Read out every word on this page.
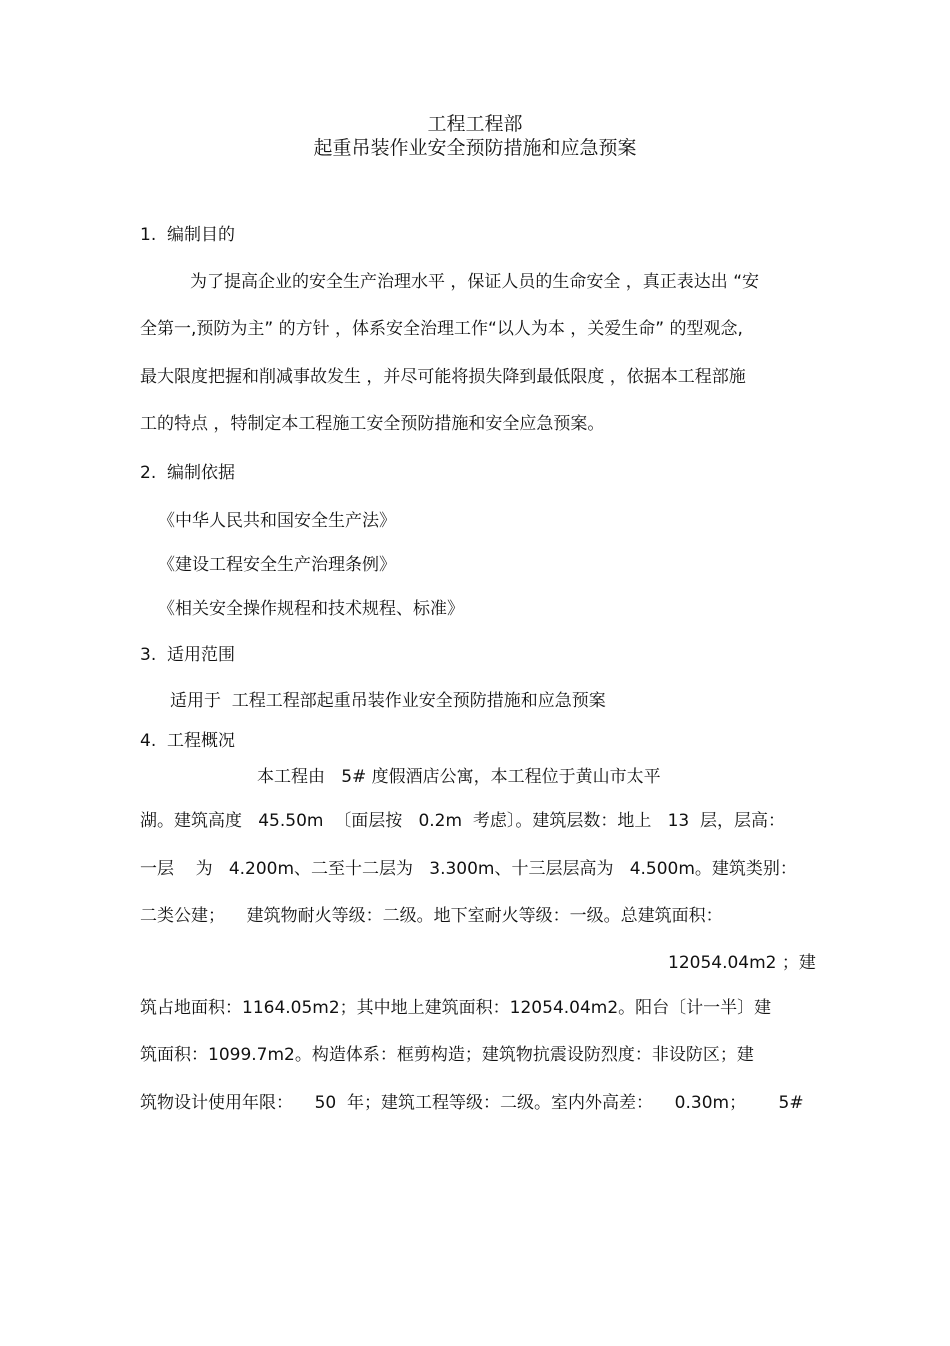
工程工程部
起重吊装作业安全预防措施和应急预案
1.  编制目的
为了提高企业的安全生产治理水平 ，保证人员的生命安全 ，真正表达出 “安
全第一,预防为主” 的方针 ，体系安全治理工作“以人为本 ，关爱生命” 的型观念,
最大限度把握和削减事故发生 ，并尽可能将损失降到最低限度 ，依据本工程部施
工的特点 ，特制定本工程施工安全预防措施和安全应急预案。
2.  编制依据
《中华人民共和国安全生产法》
《建设工程安全生产治理条例》
《相关安全操作规程和技术规程、标准》
3.  适用范围
适用于  工程工程部起重吊装作业安全预防措施和应急预案
4.  工程概况
本工程由   5# 度假酒店公寓，本工程位于黄山市太平
湖。建筑高度   45.50m  〔面层按   0.2m  考虑〕。建筑层数：地上   13  层，层高：
一层    为   4.200m、二至十二层为   3.300m、十三层层高为   4.500m。建筑类别：
二类公建；    建筑物耐火等级：二级。地下室耐火等级：一级。总建筑面积：
12054.04m2 ；建
筑占地面积：1164.05m2；其中地上建筑面积：12054.04m2。阳台〔计一半〕建
筑面积：1099.7m2。构造体系：框剪构造；建筑物抗震设防烈度：非设防区；建
筑物设计使用年限：    50  年；建筑工程等级：二级。室内外高差：    0.30m；      5#
